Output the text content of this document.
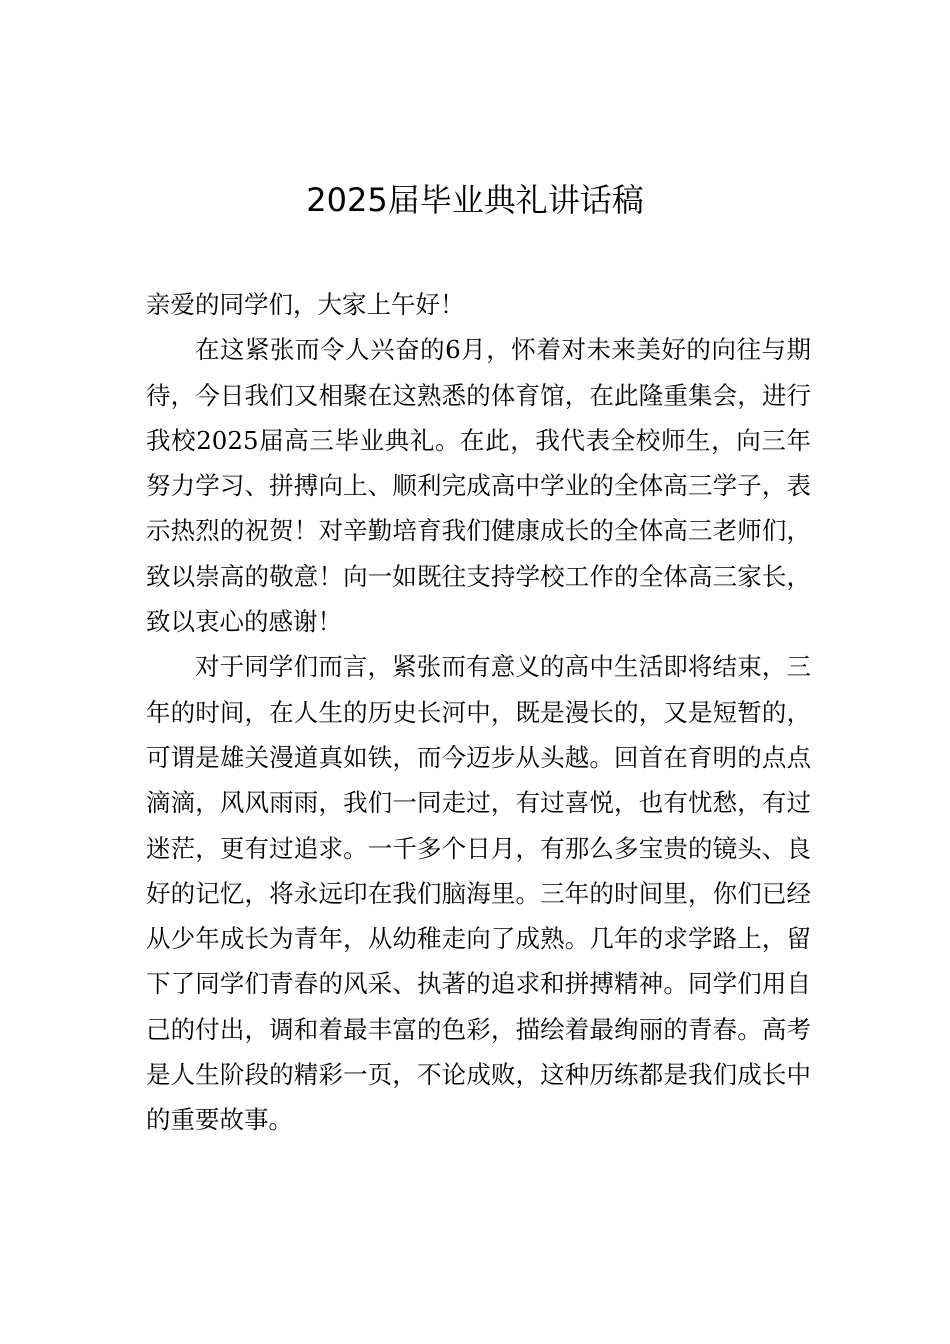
2025届毕业典礼讲话稿

亲爱的同学们，大家上午好！

在这紧张而令人兴奋的6月，怀着对未来美好的向往与期待，今日我们又相聚在这熟悉的体育馆，在此隆重集会，进行我校2025届高三毕业典礼。在此，我代表全校师生，向三年努力学习、拼搏向上、顺利完成高中学业的全体高三学子，表示热烈的祝贺！对辛勤培育我们健康成长的全体高三老师们，致以崇高的敬意！向一如既往支持学校工作的全体高三家长，致以衷心的感谢！

对于同学们而言，紧张而有意义的高中生活即将结束，三年的时间，在人生的历史长河中，既是漫长的，又是短暂的，可谓是雄关漫道真如铁，而今迈步从头越。回首在育明的点点滴滴，风风雨雨，我们一同走过，有过喜悦，也有忧愁，有过迷茫，更有过追求。一千多个日月，有那么多宝贵的镜头、良好的记忆，将永远印在我们脑海里。三年的时间里，你们已经从少年成长为青年，从幼稚走向了成熟。几年的求学路上，留下了同学们青春的风采、执著的追求和拼搏精神。同学们用自己的付出，调和着最丰富的色彩，描绘着最绚丽的青春。高考是人生阶段的精彩一页，不论成败，这种历练都是我们成长中的重要故事。
